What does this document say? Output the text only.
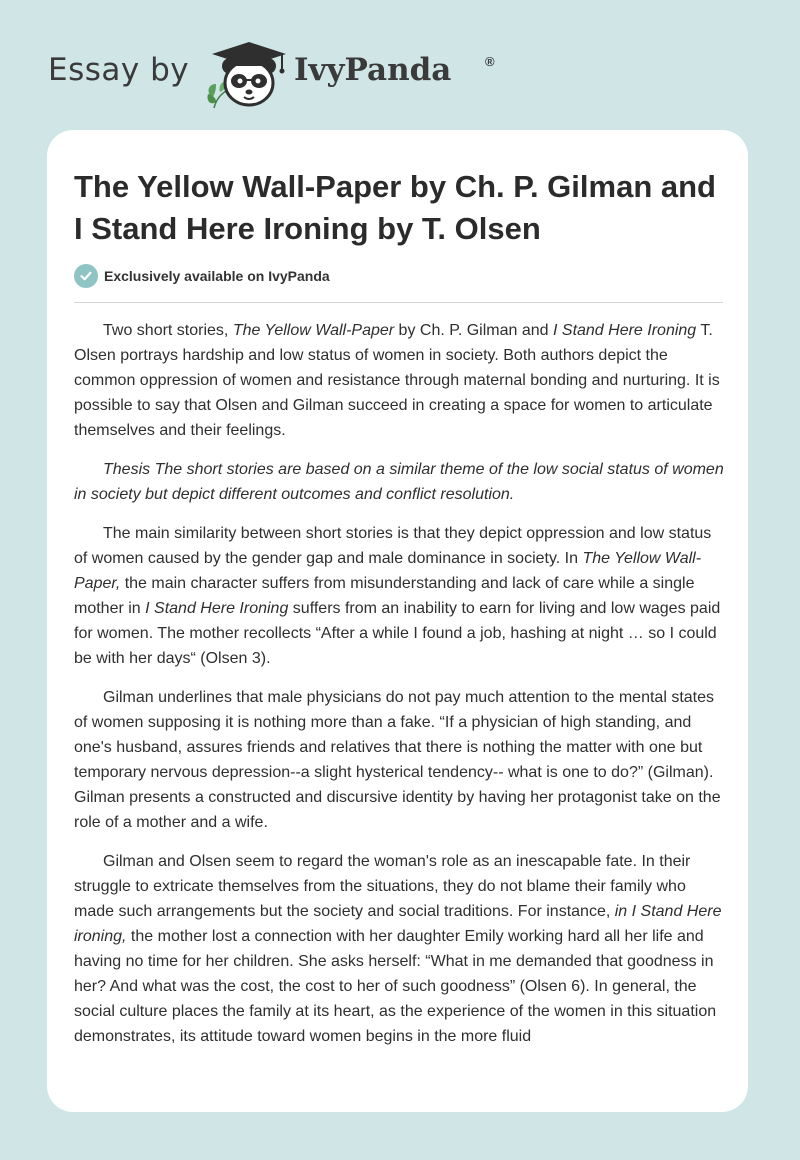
Essay by	IvyPanda	®
The Yellow Wall-Paper by Ch. P. Gilman and I Stand Here Ironing by T. Olsen
Exclusively available on IvyPanda

Two short stories, The Yellow Wall-Paper by Ch. P. Gilman and I Stand Here Ironing T. Olsen portrays hardship and low status of women in society. Both authors depict the common oppression of women and resistance through maternal bonding and nurturing. It is possible to say that Olsen and Gilman succeed in creating a space for women to articulate themselves and their feelings.

Thesis The short stories are based on a similar theme of the low social status of women in society but depict different outcomes and conflict resolution.

The main similarity between short stories is that they depict oppression and low status of women caused by the gender gap and male dominance in society. In The Yellow Wall-Paper, the main character suffers from misunderstanding and lack of care while a single mother in I Stand Here Ironing suffers from an inability to earn for living and low wages paid for women. The mother recollects “After a while I found a job, hashing at night … so I could be with her days“ (Olsen 3).

Gilman underlines that male physicians do not pay much attention to the mental states of women supposing it is nothing more than a fake. “If a physician of high standing, and one's husband, assures friends and relatives that there is nothing the matter with one but temporary nervous depression--a slight hysterical tendency-- what is one to do?” (Gilman). Gilman presents a constructed and discursive identity by having her protagonist take on the role of a mother and a wife.

Gilman and Olsen seem to regard the woman's role as an inescapable fate. In their struggle to extricate themselves from the situations, they do not blame their family who made such arrangements but the society and social traditions. For instance, in I Stand Here ironing, the mother lost a connection with her daughter Emily working hard all her life and having no time for her children. She asks herself: “What in me demanded that goodness in her? And what was the cost, the cost to her of such goodness” (Olsen 6). In general, the social culture places the family at its heart, as the experience of the women in this situation demonstrates, its attitude toward women begins in the more fluid
